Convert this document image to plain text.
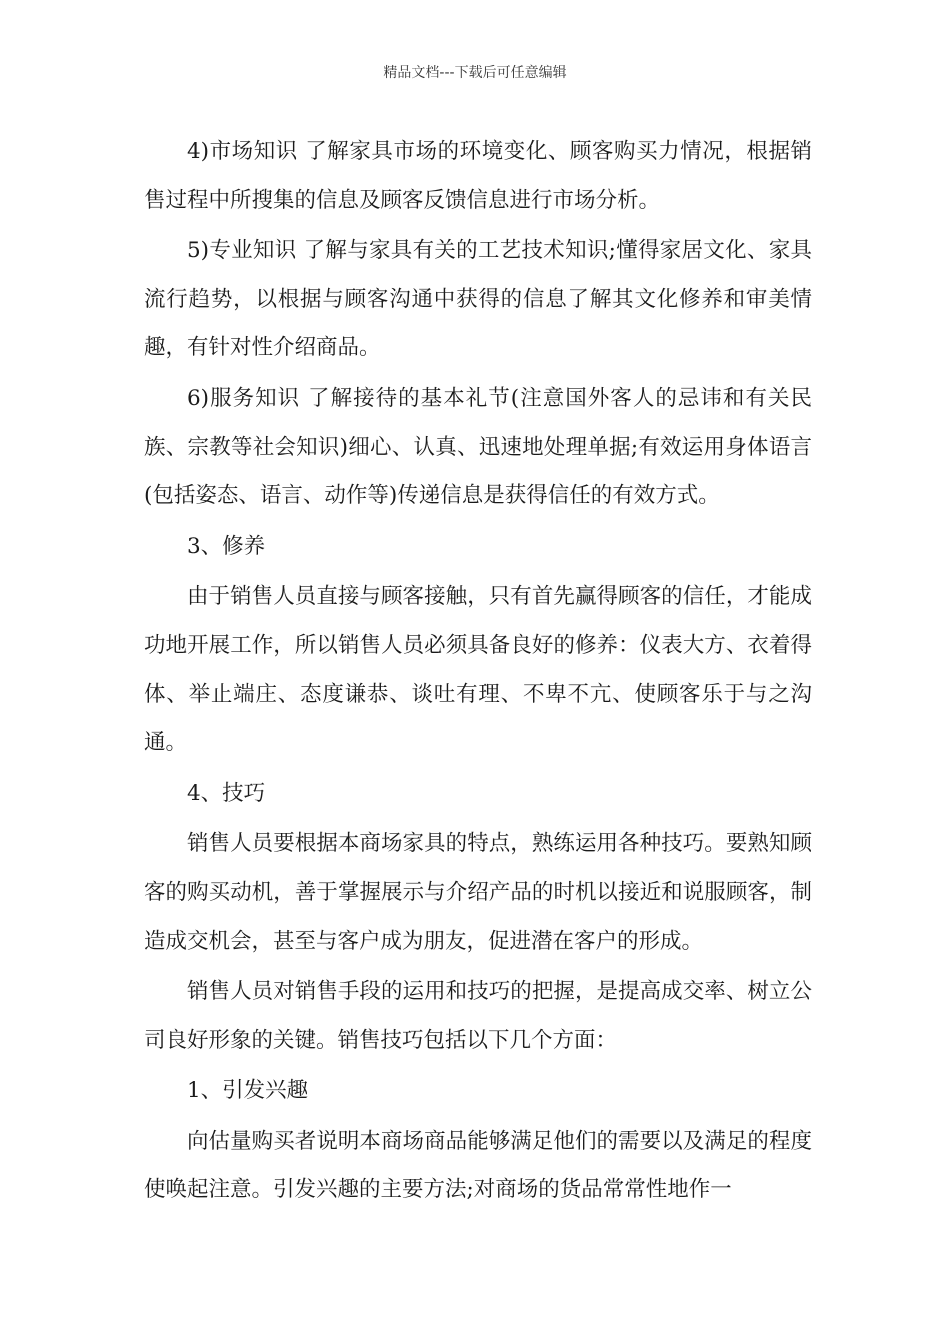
精品文档---下载后可任意编辑

4)市场知识 了解家具市场的环境变化、顾客购买力情况，根据销售过程中所搜集的信息及顾客反馈信息进行市场分析。

5)专业知识 了解与家具有关的工艺技术知识;懂得家居文化、家具流行趋势，以根据与顾客沟通中获得的信息了解其文化修养和审美情趣，有针对性介绍商品。

6)服务知识 了解接待的基本礼节(注意国外客人的忌讳和有关民族、宗教等社会知识)细心、认真、迅速地处理单据;有效运用身体语言(包括姿态、语言、动作等)传递信息是获得信任的有效方式。

3、修养

由于销售人员直接与顾客接触，只有首先赢得顾客的信任，才能成功地开展工作，所以销售人员必须具备良好的修养：仪表大方、衣着得体、举止端庄、态度谦恭、谈吐有理、不卑不亢、使顾客乐于与之沟通。

4、技巧

销售人员要根据本商场家具的特点，熟练运用各种技巧。要熟知顾客的购买动机，善于掌握展示与介绍产品的时机以接近和说服顾客，制造成交机会，甚至与客户成为朋友，促进潜在客户的形成。

销售人员对销售手段的运用和技巧的把握，是提高成交率、树立公司良好形象的关键。销售技巧包括以下几个方面：

1、引发兴趣

向估量购买者说明本商场商品能够满足他们的需要以及满足的程度使唤起注意。引发兴趣的主要方法;对商场的货品常常性地作一
